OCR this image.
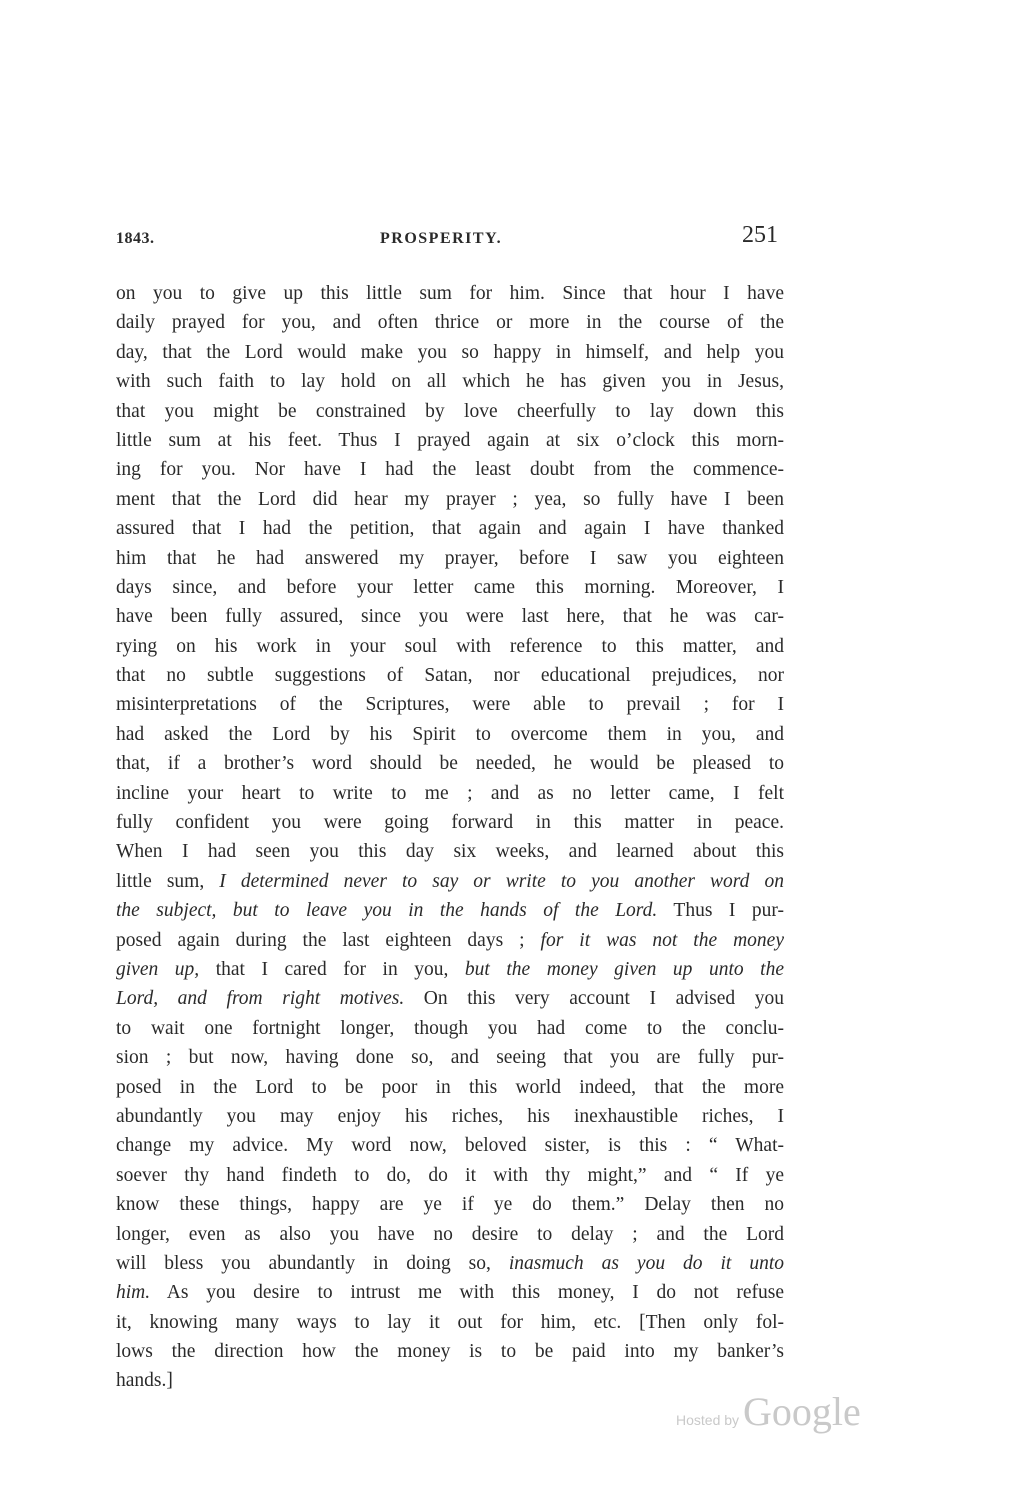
1843.	PROSPERITY.	251
on you to give up this little sum for him. Since that hour I have
daily prayed for you, and often thrice or more in the course of the
day, that the Lord would make you so happy in himself, and help you
with such faith to lay hold on all which he has given you in Jesus,
that you might be constrained by love cheerfully to lay down this
little sum at his feet. Thus I prayed again at six o’clock this morn-
ing for you. Nor have I had the least doubt from the commence-
ment that the Lord did hear my prayer ; yea, so fully have I been
assured that I had the petition, that again and again I have thanked
him that he had answered my prayer, before I saw you eighteen
days since, and before your letter came this morning. Moreover, I
have been fully assured, since you were last here, that he was car-
rying on his work in your soul with reference to this matter, and
that no subtle suggestions of Satan, nor educational prejudices, nor
misinterpretations of the Scriptures, were able to prevail ; for I
had asked the Lord by his Spirit to overcome them in you, and
that, if a brother’s word should be needed, he would be pleased to
incline your heart to write to me ; and as no letter came, I felt
fully confident you were going forward in this matter in peace.
When I had seen you this day six weeks, and learned about this
little sum, I determined never to say or write to you another word on
the subject, but to leave you in the hands of the Lord. Thus I pur-
posed again during the last eighteen days ; for it was not the money
given up, that I cared for in you, but the money given up unto the
Lord, and from right motives. On this very account I advised you
to wait one fortnight longer, though you had come to the conclu-
sion ; but now, having done so, and seeing that you are fully pur-
posed in the Lord to be poor in this world indeed, that the more
abundantly you may enjoy his riches, his inexhaustible riches, I
change my advice. My word now, beloved sister, is this : “ What-
soever thy hand findeth to do, do it with thy might,” and “ If ye
know these things, happy are ye if ye do them.” Delay then no
longer, even as also you have no desire to delay ; and the Lord
will bless you abundantly in doing so, inasmuch as you do it unto
him. As you desire to intrust me with this money, I do not refuse
it, knowing many ways to lay it out for him, etc. [Then only fol-
lows the direction how the money is to be paid into my banker’s
hands.]
Hosted by Google
